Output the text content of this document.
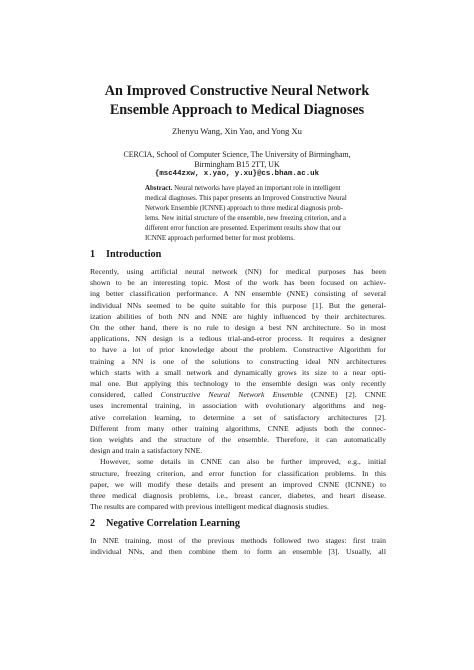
An Improved Constructive Neural Network
Ensemble Approach to Medical Diagnoses
Zhenyu Wang, Xin Yao, and Yong Xu
CERCIA, School of Computer Science, The University of Birmingham,
Birmingham B15 2TT, UK
{msc44zxw, x.yao, y.xu}@cs.bham.ac.uk
Abstract. Neural networks have played an important role in intelligent
medical diagnoses. This paper presents an Improved Constructive Neural
Network Ensemble (ICNNE) approach to three medical diagnosis prob-
lems. New initial structure of the ensemble, new freezing criterion, and a
different error function are presented. Experiment results show that our
ICNNE approach performed better for most problems.
1 Introduction
Recently, using artificial neural network (NN) for medical purposes has been
shown to be an interesting topic. Most of the work has been focused on achiev-
ing better classification performance. A NN ensemble (NNE) consisting of several
individual NNs seemed to be quite suitable for this purpose [1]. But the general-
ization abilities of both NN and NNE are highly influenced by their architectures.
On the other hand, there is no rule to design a best NN architecture. So in most
applications, NN design is a tedious trial-and-error process. It requires a designer
to have a lot of prior knowledge about the problem. Constructive Algorithm for
training a NN is one of the solutions to constructing ideal NN architectures
which starts with a small network and dynamically grows its size to a near opti-
mal one. But applying this technology to the ensemble design was only recently
considered, called Constructive Neural Network Ensemble (CNNE) [2]. CNNE
uses incremental training, in association with evolutionary algorithms and neg-
ative correlation learning, to determine a set of satisfactory architectures [2].
Different from many other training algorithms, CNNE adjusts both the connec-
tion weights and the structure of the ensemble. Therefore, it can automatically
design and train a satisfactory NNE.
However, some details in CNNE can also be further improved, e.g., initial
structure, freezing criterion, and error function for classification problems. In this
paper, we will modify these details and present an improved CNNE (ICNNE) to
three medical diagnosis problems, i.e., breast cancer, diabetes, and heart disease.
The results are compared with previous intelligent medical diagnosis studies.
2 Negative Correlation Learning
In NNE training, most of the previous methods followed two stages: first train
individual NNs, and then combine them to form an ensemble [3]. Usually, all
